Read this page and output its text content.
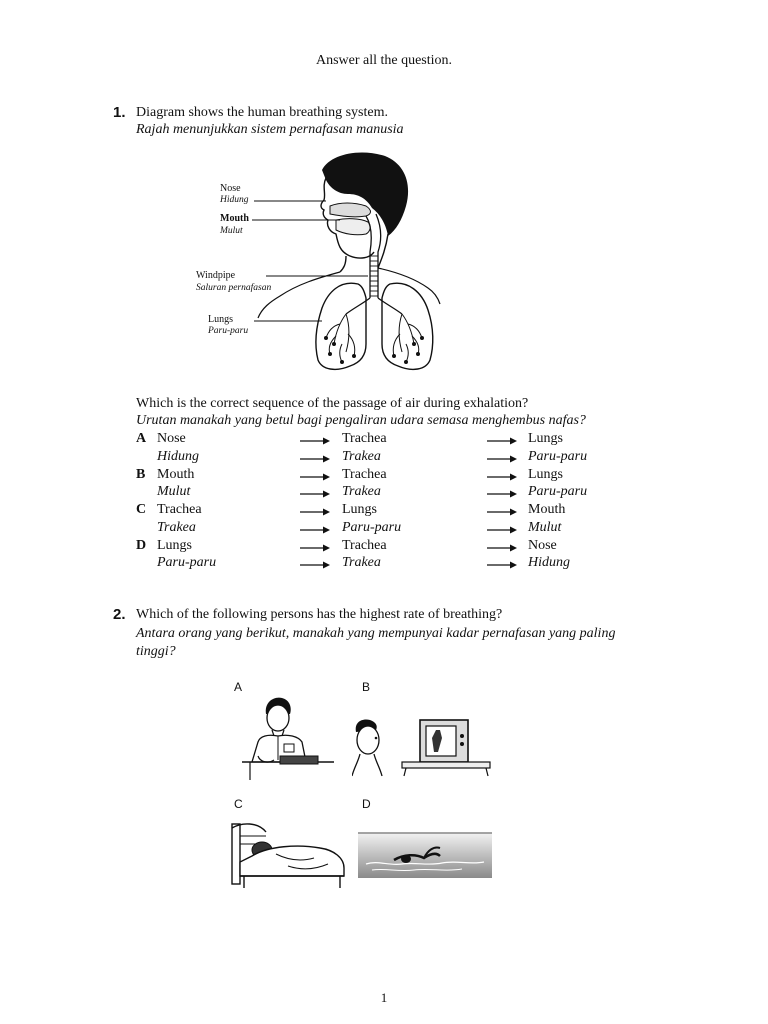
Answer all the question.
1. Diagram shows the human breathing system.
Rajah menunjukkan sistem pernafasan manusia
Nose
Hidung
Mouth
Mulut
Windpipe
Saluran pernafasan
Lungs
Paru-paru
Which is the correct sequence of the passage of air during exhalation?
Urutan manakah yang betul bagi pengaliran udara semasa menghembus nafas?
A Nose	Trachea	Lungs
Hidung	Trakea	Paru-paru
B Mouth	Trachea	Lungs
Mulut	Trakea	Paru-paru
C Trachea	Lungs	Mouth
Trakea	Paru-paru	Mulut
D Lungs	Trachea	Nose
Paru-paru	Trakea	Hidung
2. Which of the following persons has the highest rate of breathing?
Antara orang yang berikut, manakah yang mempunyai kadar pernafasan yang paling
tinggi?
A	B
C	D
1
